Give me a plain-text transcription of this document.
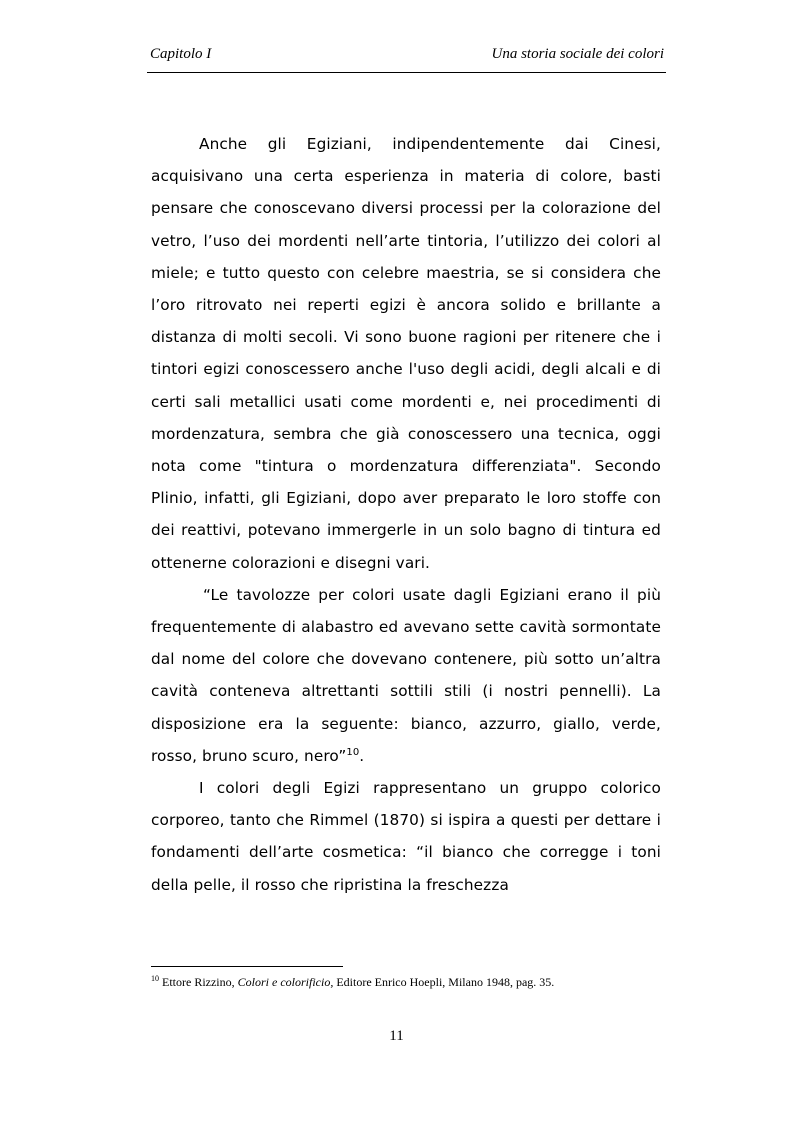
Capitolo I	Una storia sociale dei colori

Anche gli Egiziani, indipendentemente dai Cinesi, acquisivano una certa esperienza in materia di colore, basti pensare che conoscevano diversi processi per la colorazione del vetro, l’uso dei mordenti nell’arte tintoria, l’utilizzo dei colori al miele; e tutto questo con celebre maestria, se si considera che l’oro ritrovato nei reperti egizi è ancora solido e brillante a distanza di molti secoli. Vi sono buone ragioni per ritenere che i tintori egizi conoscessero anche l'uso degli acidi, degli alcali e di certi sali metallici usati come mordenti e, nei procedimenti di mordenzatura, sembra che già conoscessero una tecnica, oggi nota come "tintura o mordenzatura differenziata". Secondo Plinio, infatti, gli Egiziani, dopo aver preparato le loro stoffe con dei reattivi, potevano immergerle in un solo bagno di tintura ed ottenerne colorazioni e disegni vari.

“Le tavolozze per colori usate dagli Egiziani erano il più frequentemente di alabastro ed avevano sette cavità sormontate dal nome del colore che dovevano contenere, più sotto un’altra cavità conteneva altrettanti sottili stili (i nostri pennelli). La disposizione era la seguente: bianco, azzurro, giallo, verde, rosso, bruno scuro, nero”$^{10}$.

I colori degli Egizi rappresentano un gruppo colorico corporeo, tanto che Rimmel (1870) si ispira a questi per dettare i fondamenti dell’arte cosmetica: “il bianco che corregge i toni della pelle, il rosso che ripristina la freschezza

$^{10}$ Ettore Rizzino, Colori e colorificio, Editore Enrico Hoepli, Milano 1948, pag. 35.
11
